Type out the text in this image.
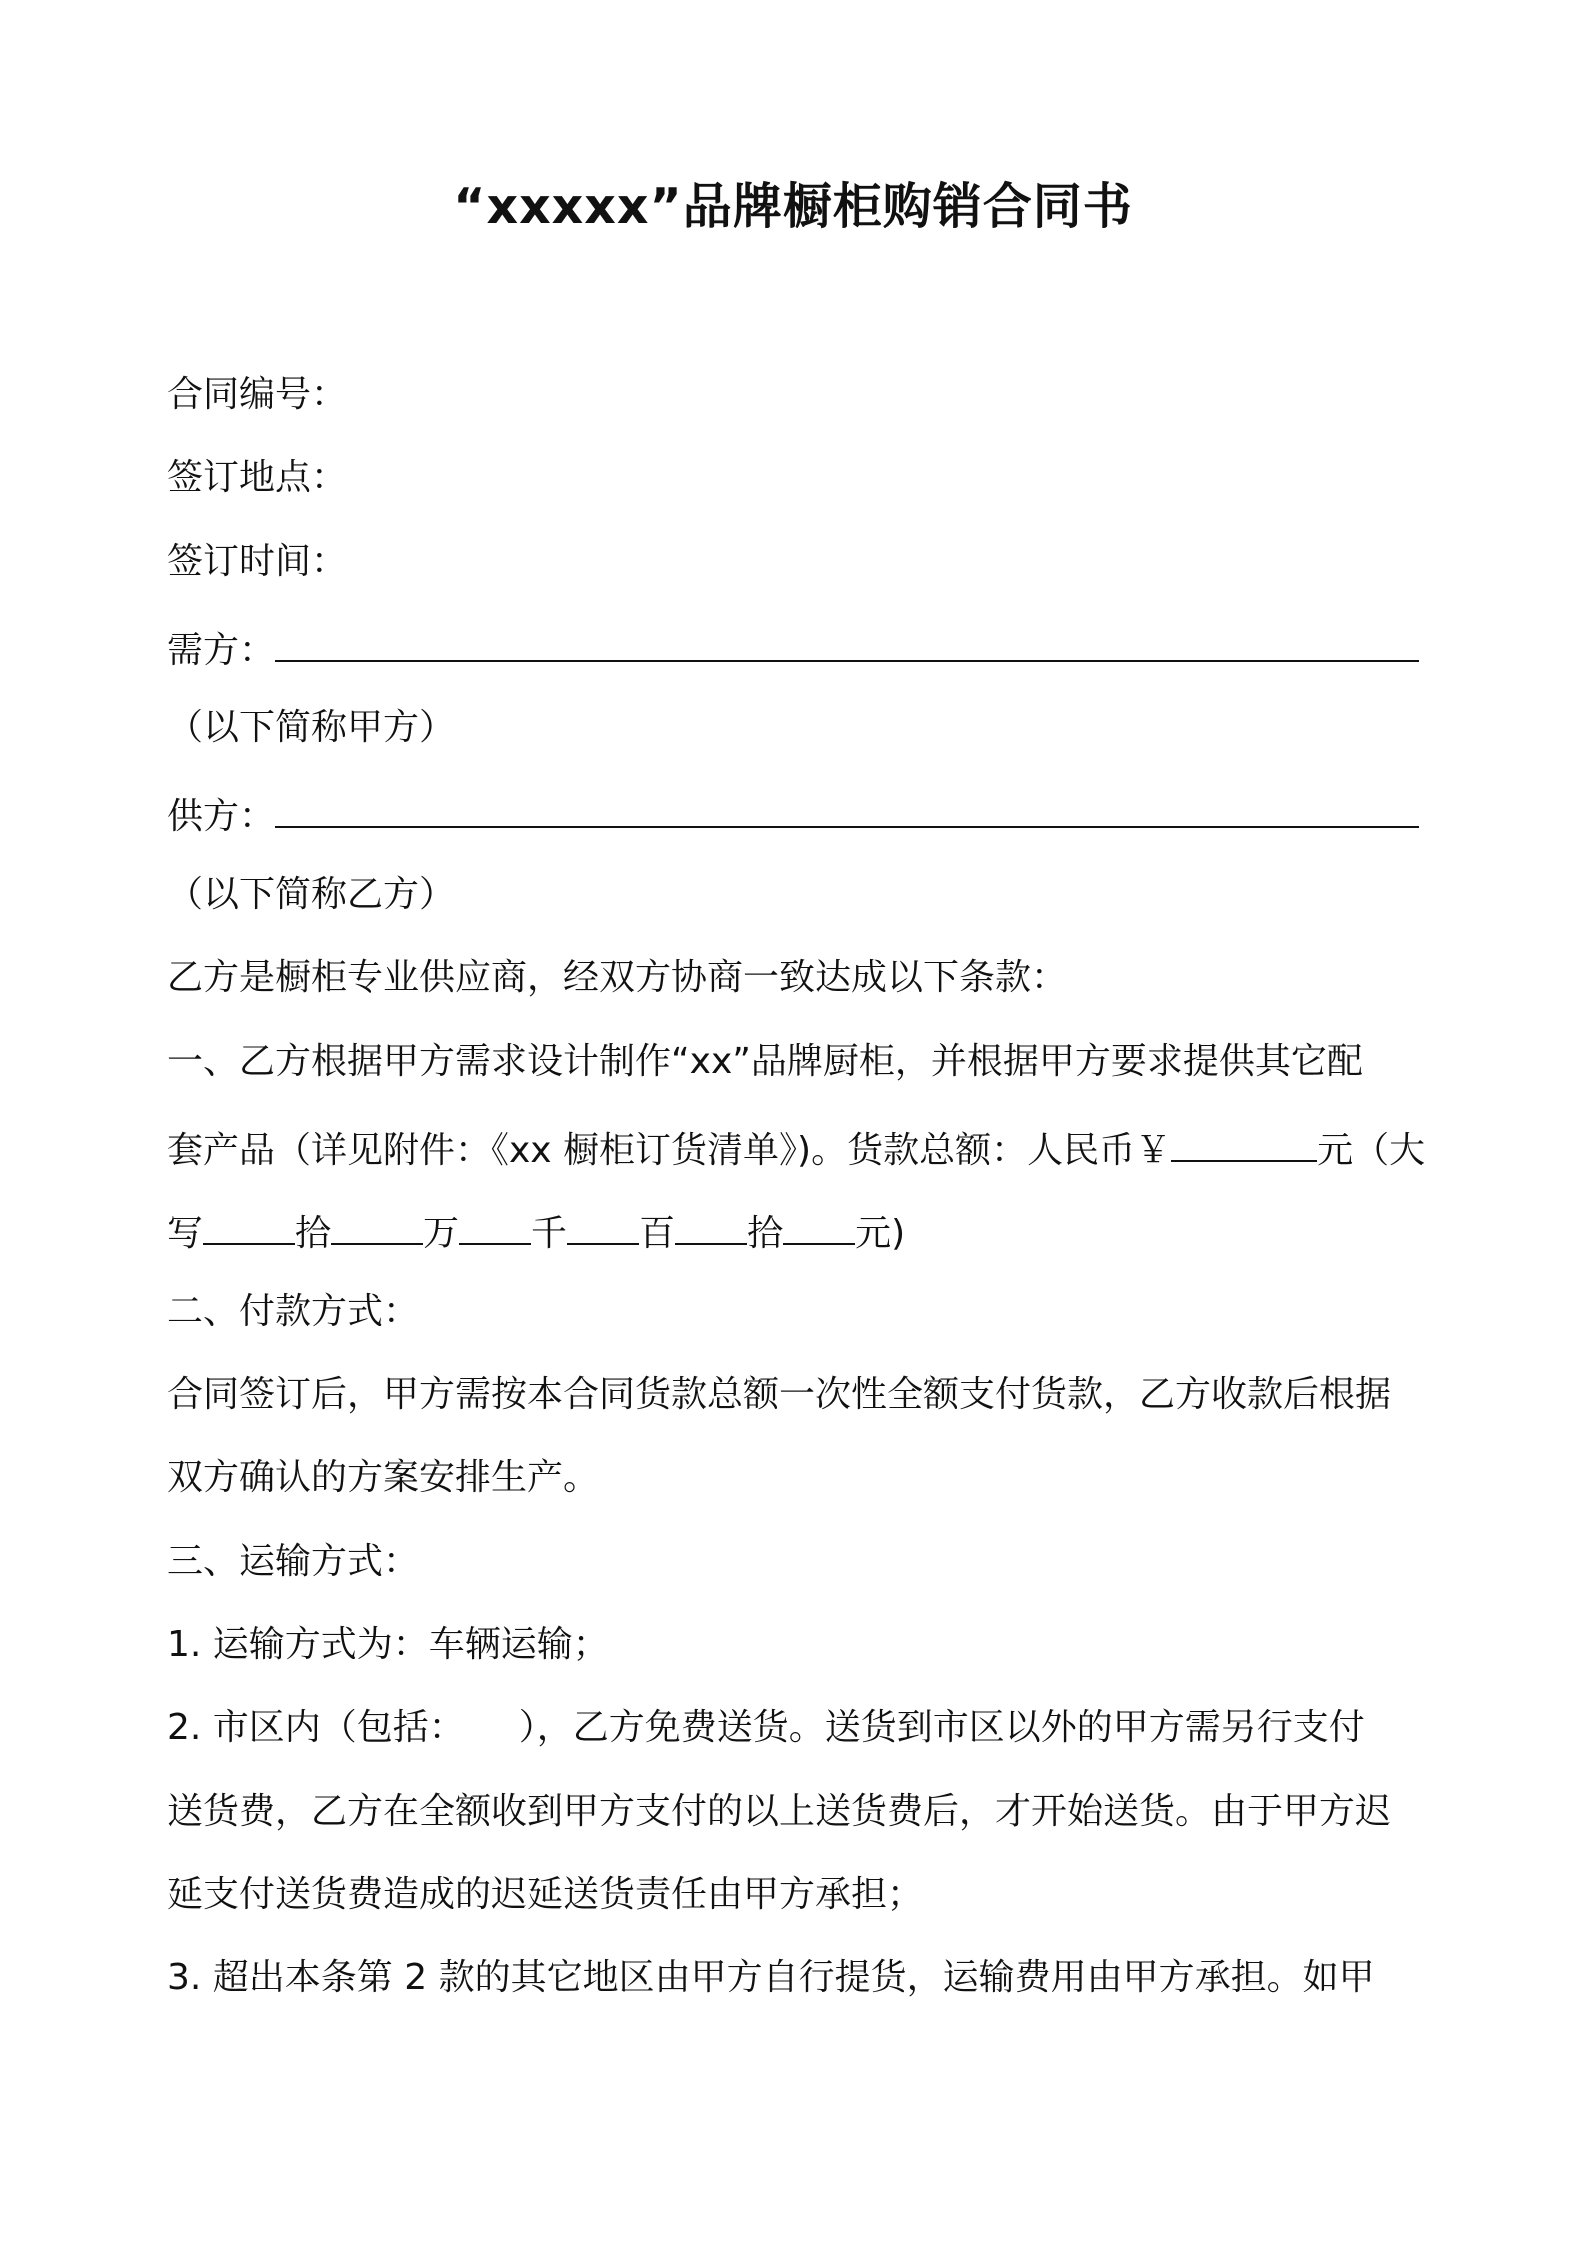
“xxxxx”品牌橱柜购销合同书
合同编号：
签订地点：
签订时间：
需方：
（以下简称甲方）
供方：
（以下简称乙方）
乙方是橱柜专业供应商，经双方协商一致达成以下条款：
一、乙方根据甲方需求设计制作“xx”品牌厨柜，并根据甲方要求提供其它配
套产品（详见附件：《xx 橱柜订货清单》)。货款总额：人民币￥	元（大
写	拾	万 千 百 拾 元)
二、付款方式：
合同签订后，甲方需按本合同货款总额一次性全额支付货款，乙方收款后根据
双方确认的方案安排生产。
三、运输方式：
1. 运输方式为：车辆运输；
2. 市区内（包括：　　），乙方免费送货。送货到市区以外的甲方需另行支付
送货费，乙方在全额收到甲方支付的以上送货费后，才开始送货。由于甲方迟
延支付送货费造成的迟延送货责任由甲方承担；
3. 超出本条第 2 款的其它地区由甲方自行提货，运输费用由甲方承担。如甲
